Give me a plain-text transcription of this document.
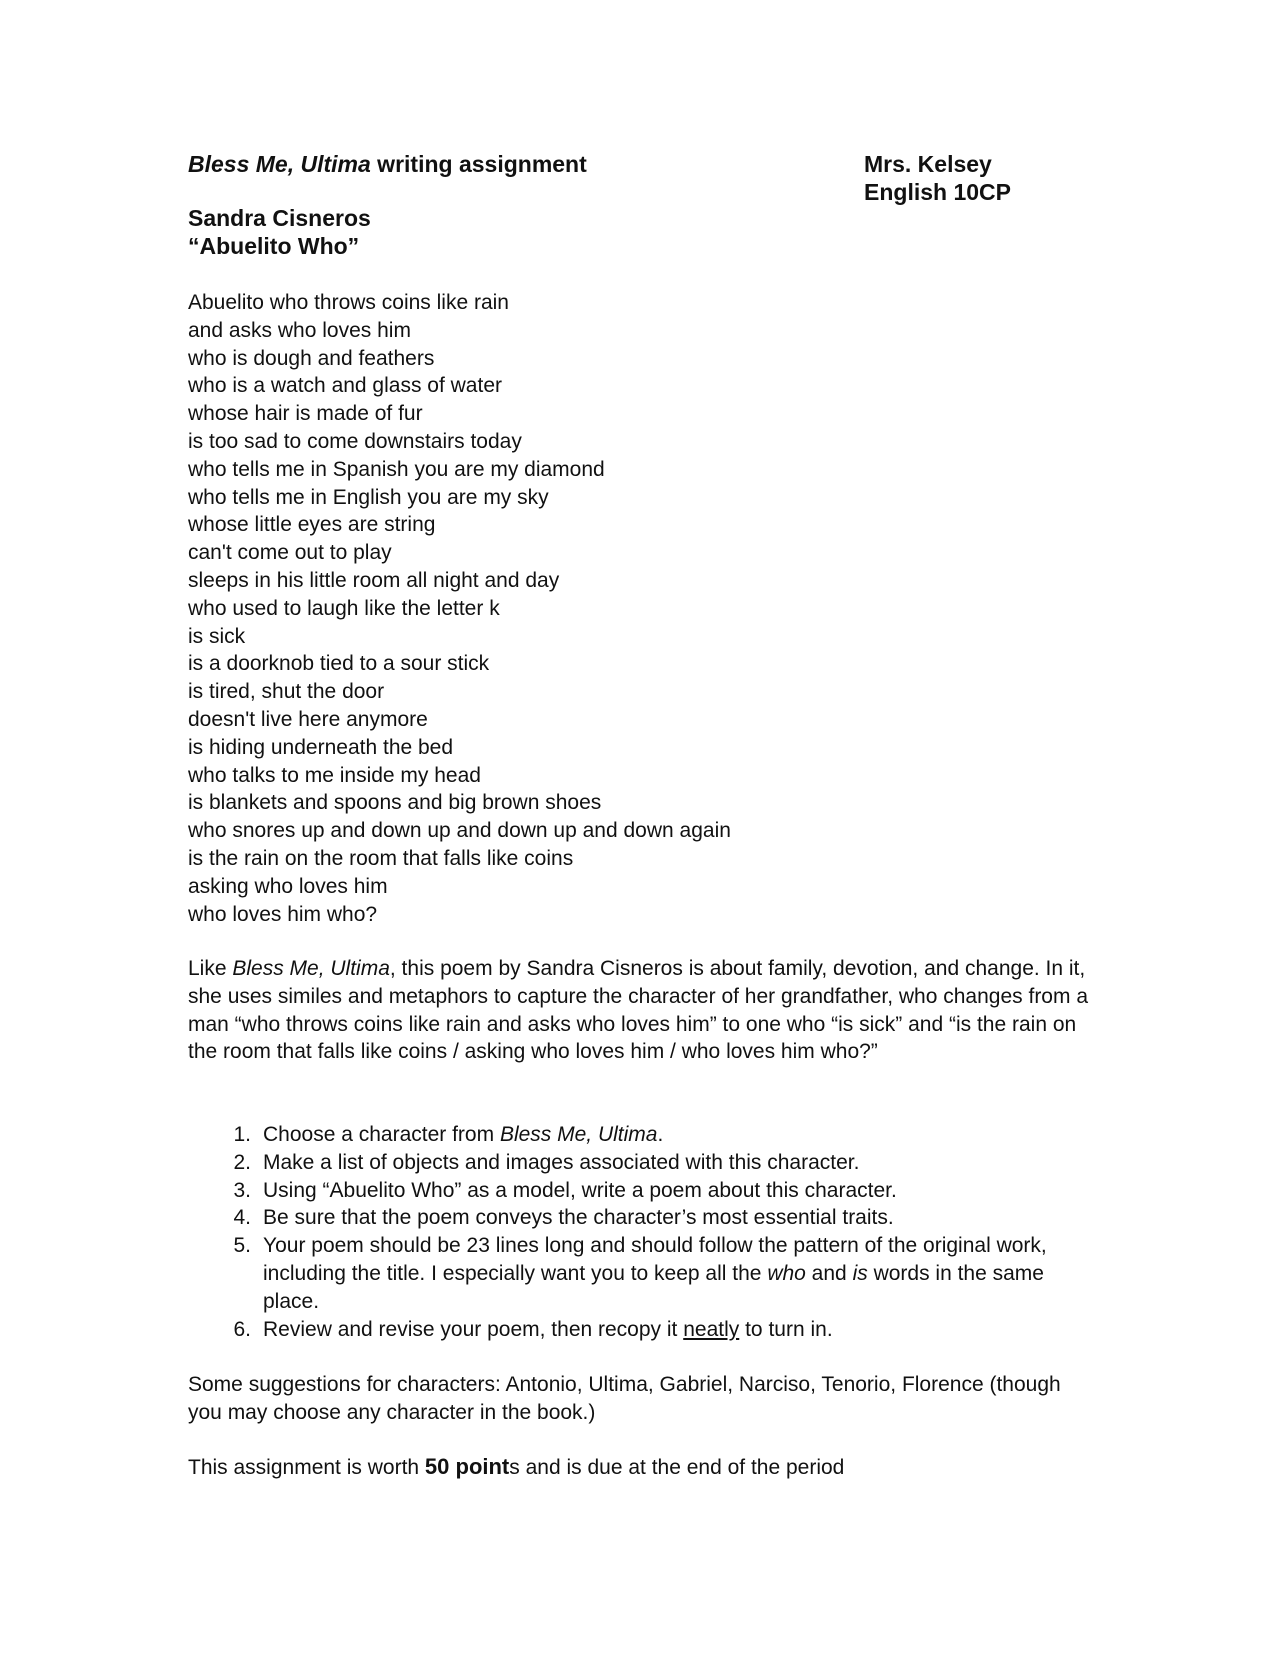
Bless Me, Ultima writing assignment	Mrs. Kelsey
English 10CP
Sandra Cisneros
“Abuelito Who”
Abuelito who throws coins like rain
and asks who loves him
who is dough and feathers
who is a watch and glass of water
whose hair is made of fur
is too sad to come downstairs today
who tells me in Spanish you are my diamond
who tells me in English you are my sky
whose little eyes are string
can't come out to play
sleeps in his little room all night and day
who used to laugh like the letter k
is sick
is a doorknob tied to a sour stick
is tired, shut the door
doesn't live here anymore
is hiding underneath the bed
who talks to me inside my head
is blankets and spoons and big brown shoes
who snores up and down up and down up and down again
is the rain on the room that falls like coins
asking who loves him
who loves him who?

Like Bless Me, Ultima, this poem by Sandra Cisneros is about family, devotion, and change. In it, she uses similes and metaphors to capture the character of her grandfather, who changes from a man “who throws coins like rain and asks who loves him” to one who “is sick” and “is the rain on the room that falls like coins / asking who loves him / who loves him who?”

1. Choose a character from Bless Me, Ultima.
2. Make a list of objects and images associated with this character.
3. Using “Abuelito Who” as a model, write a poem about this character.
4. Be sure that the poem conveys the character’s most essential traits.
5. Your poem should be 23 lines long and should follow the pattern of the original work, including the title. I especially want you to keep all the who and is words in the same place.
6. Review and revise your poem, then recopy it neatly to turn in.

Some suggestions for characters: Antonio, Ultima, Gabriel, Narciso, Tenorio, Florence (though you may choose any character in the book.)

This assignment is worth 50 points and is due at the end of the period
